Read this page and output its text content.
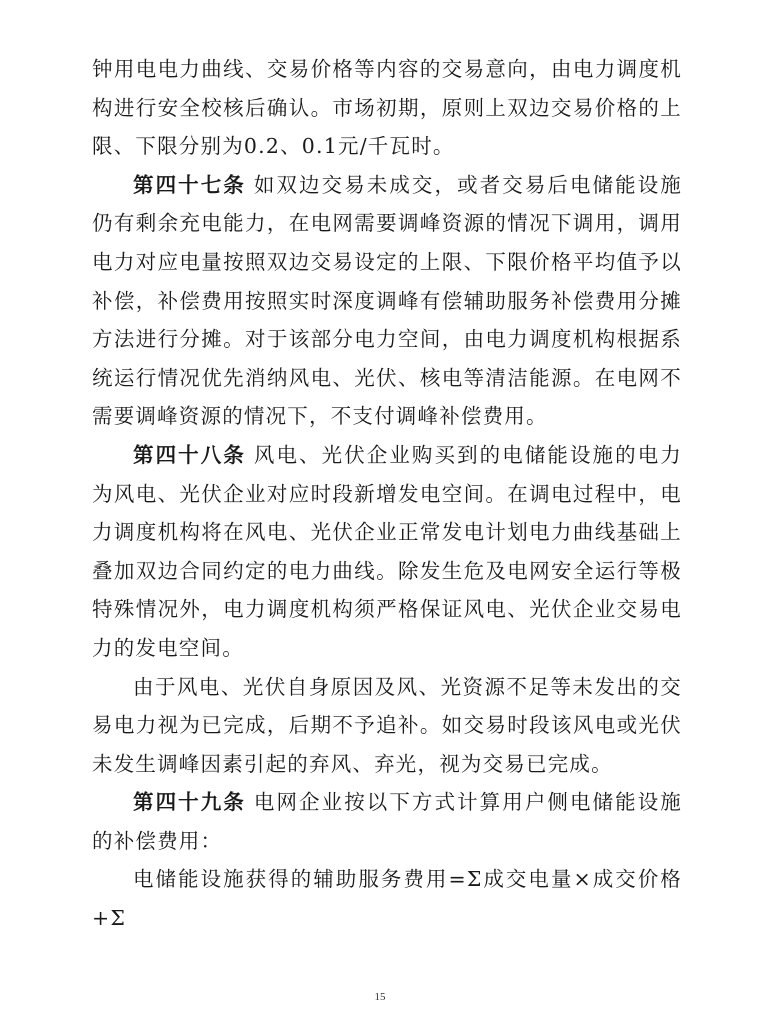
钟用电电力曲线、交易价格等内容的交易意向，由电力调度机构进行安全校核后确认。市场初期，原则上双边交易价格的上限、下限分别为0.2、0.1元/千瓦时。

第四十七条 如双边交易未成交，或者交易后电储能设施仍有剩余充电能力，在电网需要调峰资源的情况下调用，调用电力对应电量按照双边交易设定的上限、下限价格平均值予以补偿，补偿费用按照实时深度调峰有偿辅助服务补偿费用分摊方法进行分摊。对于该部分电力空间，由电力调度机构根据系统运行情况优先消纳风电、光伏、核电等清洁能源。在电网不需要调峰资源的情况下，不支付调峰补偿费用。

第四十八条 风电、光伏企业购买到的电储能设施的电力为风电、光伏企业对应时段新增发电空间。在调电过程中，电力调度机构将在风电、光伏企业正常发电计划电力曲线基础上叠加双边合同约定的电力曲线。除发生危及电网安全运行等极特殊情况外，电力调度机构须严格保证风电、光伏企业交易电力的发电空间。

由于风电、光伏自身原因及风、光资源不足等未发出的交易电力视为已完成，后期不予追补。如交易时段该风电或光伏未发生调峰因素引起的弃风、弃光，视为交易已完成。

第四十九条 电网企业按以下方式计算用户侧电储能设施的补偿费用：

电储能设施获得的辅助服务费用=Σ成交电量×成交价格+Σ

15
